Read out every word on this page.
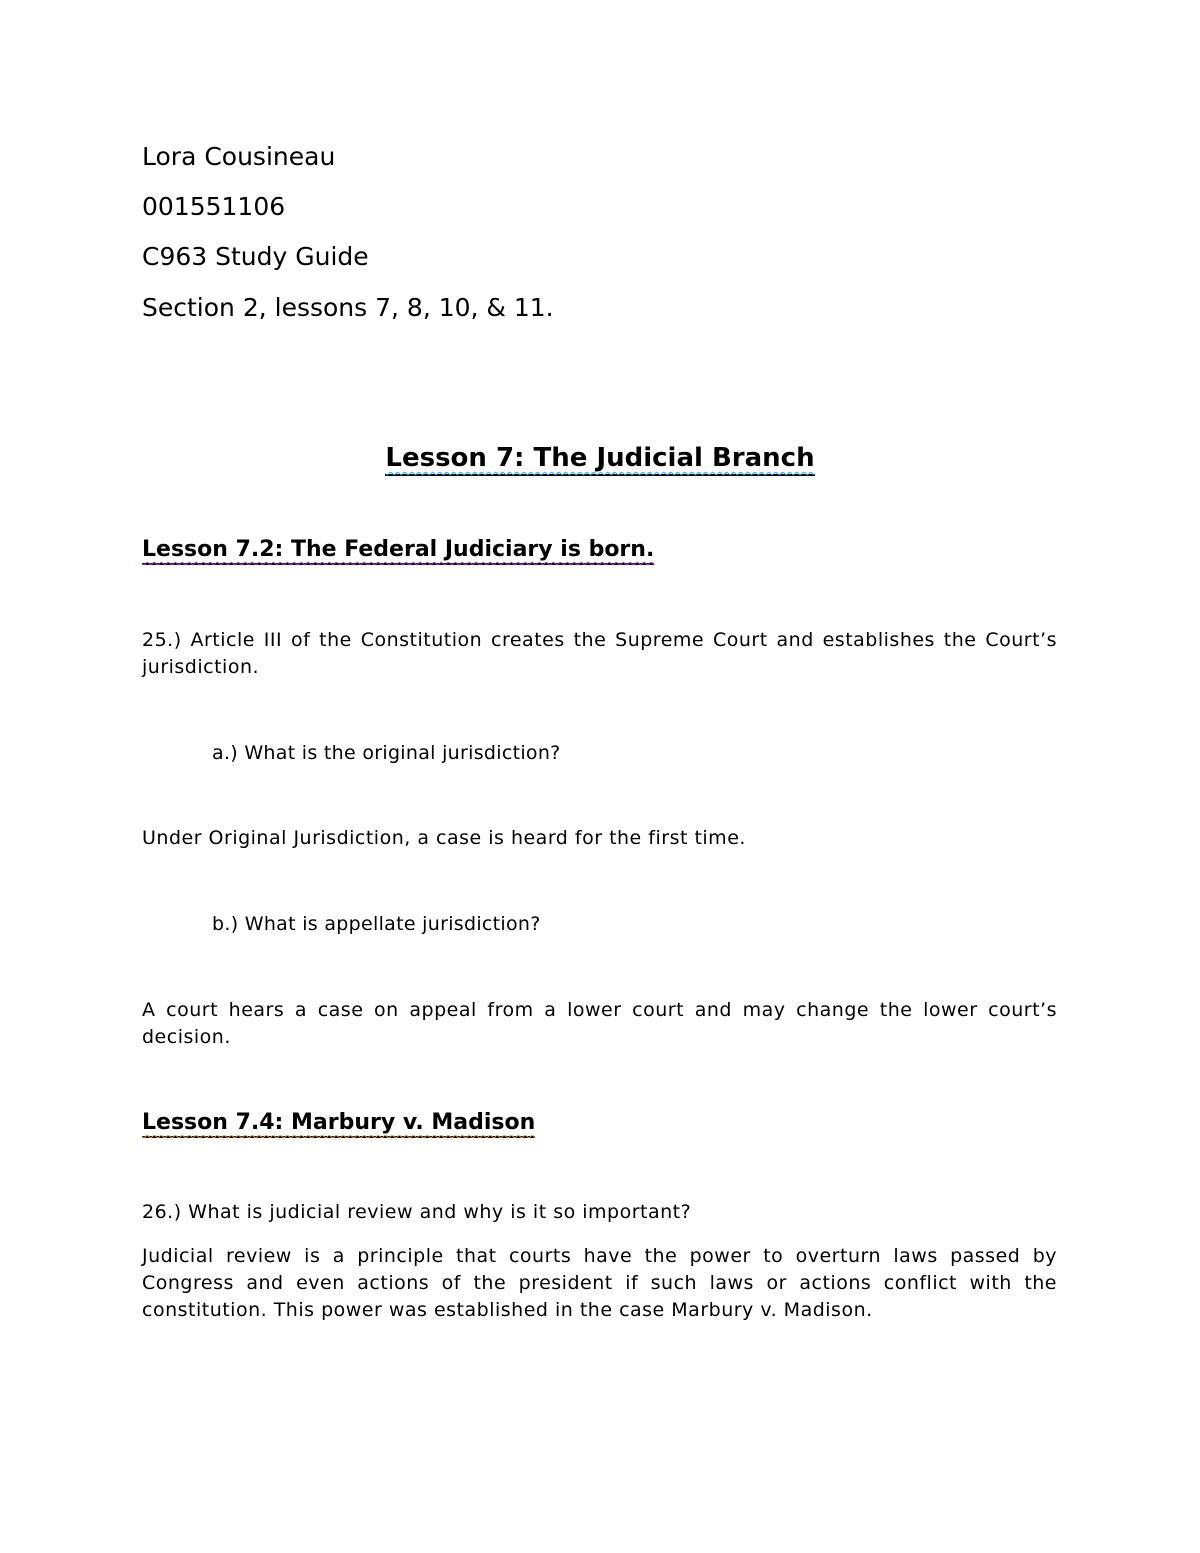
Lora Cousineau

001551106

C963 Study Guide

Section 2, lessons 7, 8, 10, & 11.

Lesson 7: The Judicial Branch
Lesson 7.2: The Federal Judiciary is born.

25.) Article III of the Constitution creates the Supreme Court and establishes the Court’s jurisdiction.

a.) What is the original jurisdiction?

Under Original Jurisdiction, a case is heard for the first time.

b.) What is appellate jurisdiction?

A court hears a case on appeal from a lower court and may change the lower court’s decision.

Lesson 7.4: Marbury v. Madison

26.) What is judicial review and why is it so important?

Judicial review is a principle that courts have the power to overturn laws passed by Congress and even actions of the president if such laws or actions conflict with the constitution. This power was established in the case Marbury v. Madison.
